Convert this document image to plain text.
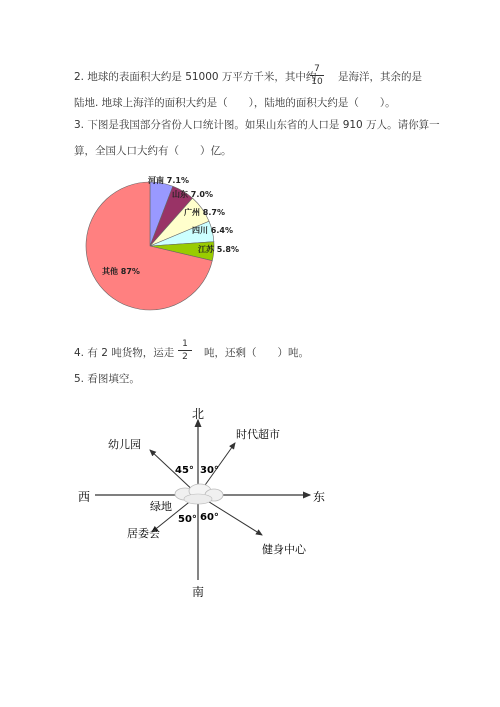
2. 地球的表面积大约是 51000 万平方千米，其中约
7
10	是海洋，其余的是
陆地. 地球上海洋的面积大约是（　　），陆地的面积大约是（　　）。
3. 下图是我国部分省份人口统计图。如果山东省的人口是 910 万人。请你算一
算，全国人口大约有（　　）亿。
河南 7.1%
山东 7.0%
广州 8.7%
四川 6.4%
江苏 5.8%
其他 87%
4. 有 2 吨货物，运走
1
2	吨，还剩（　　）吨。
5. 看图填空。
北
南
东
西
绿地
幼儿园
时代超市
居委会
健身中心
45° 30°
50° 60°
